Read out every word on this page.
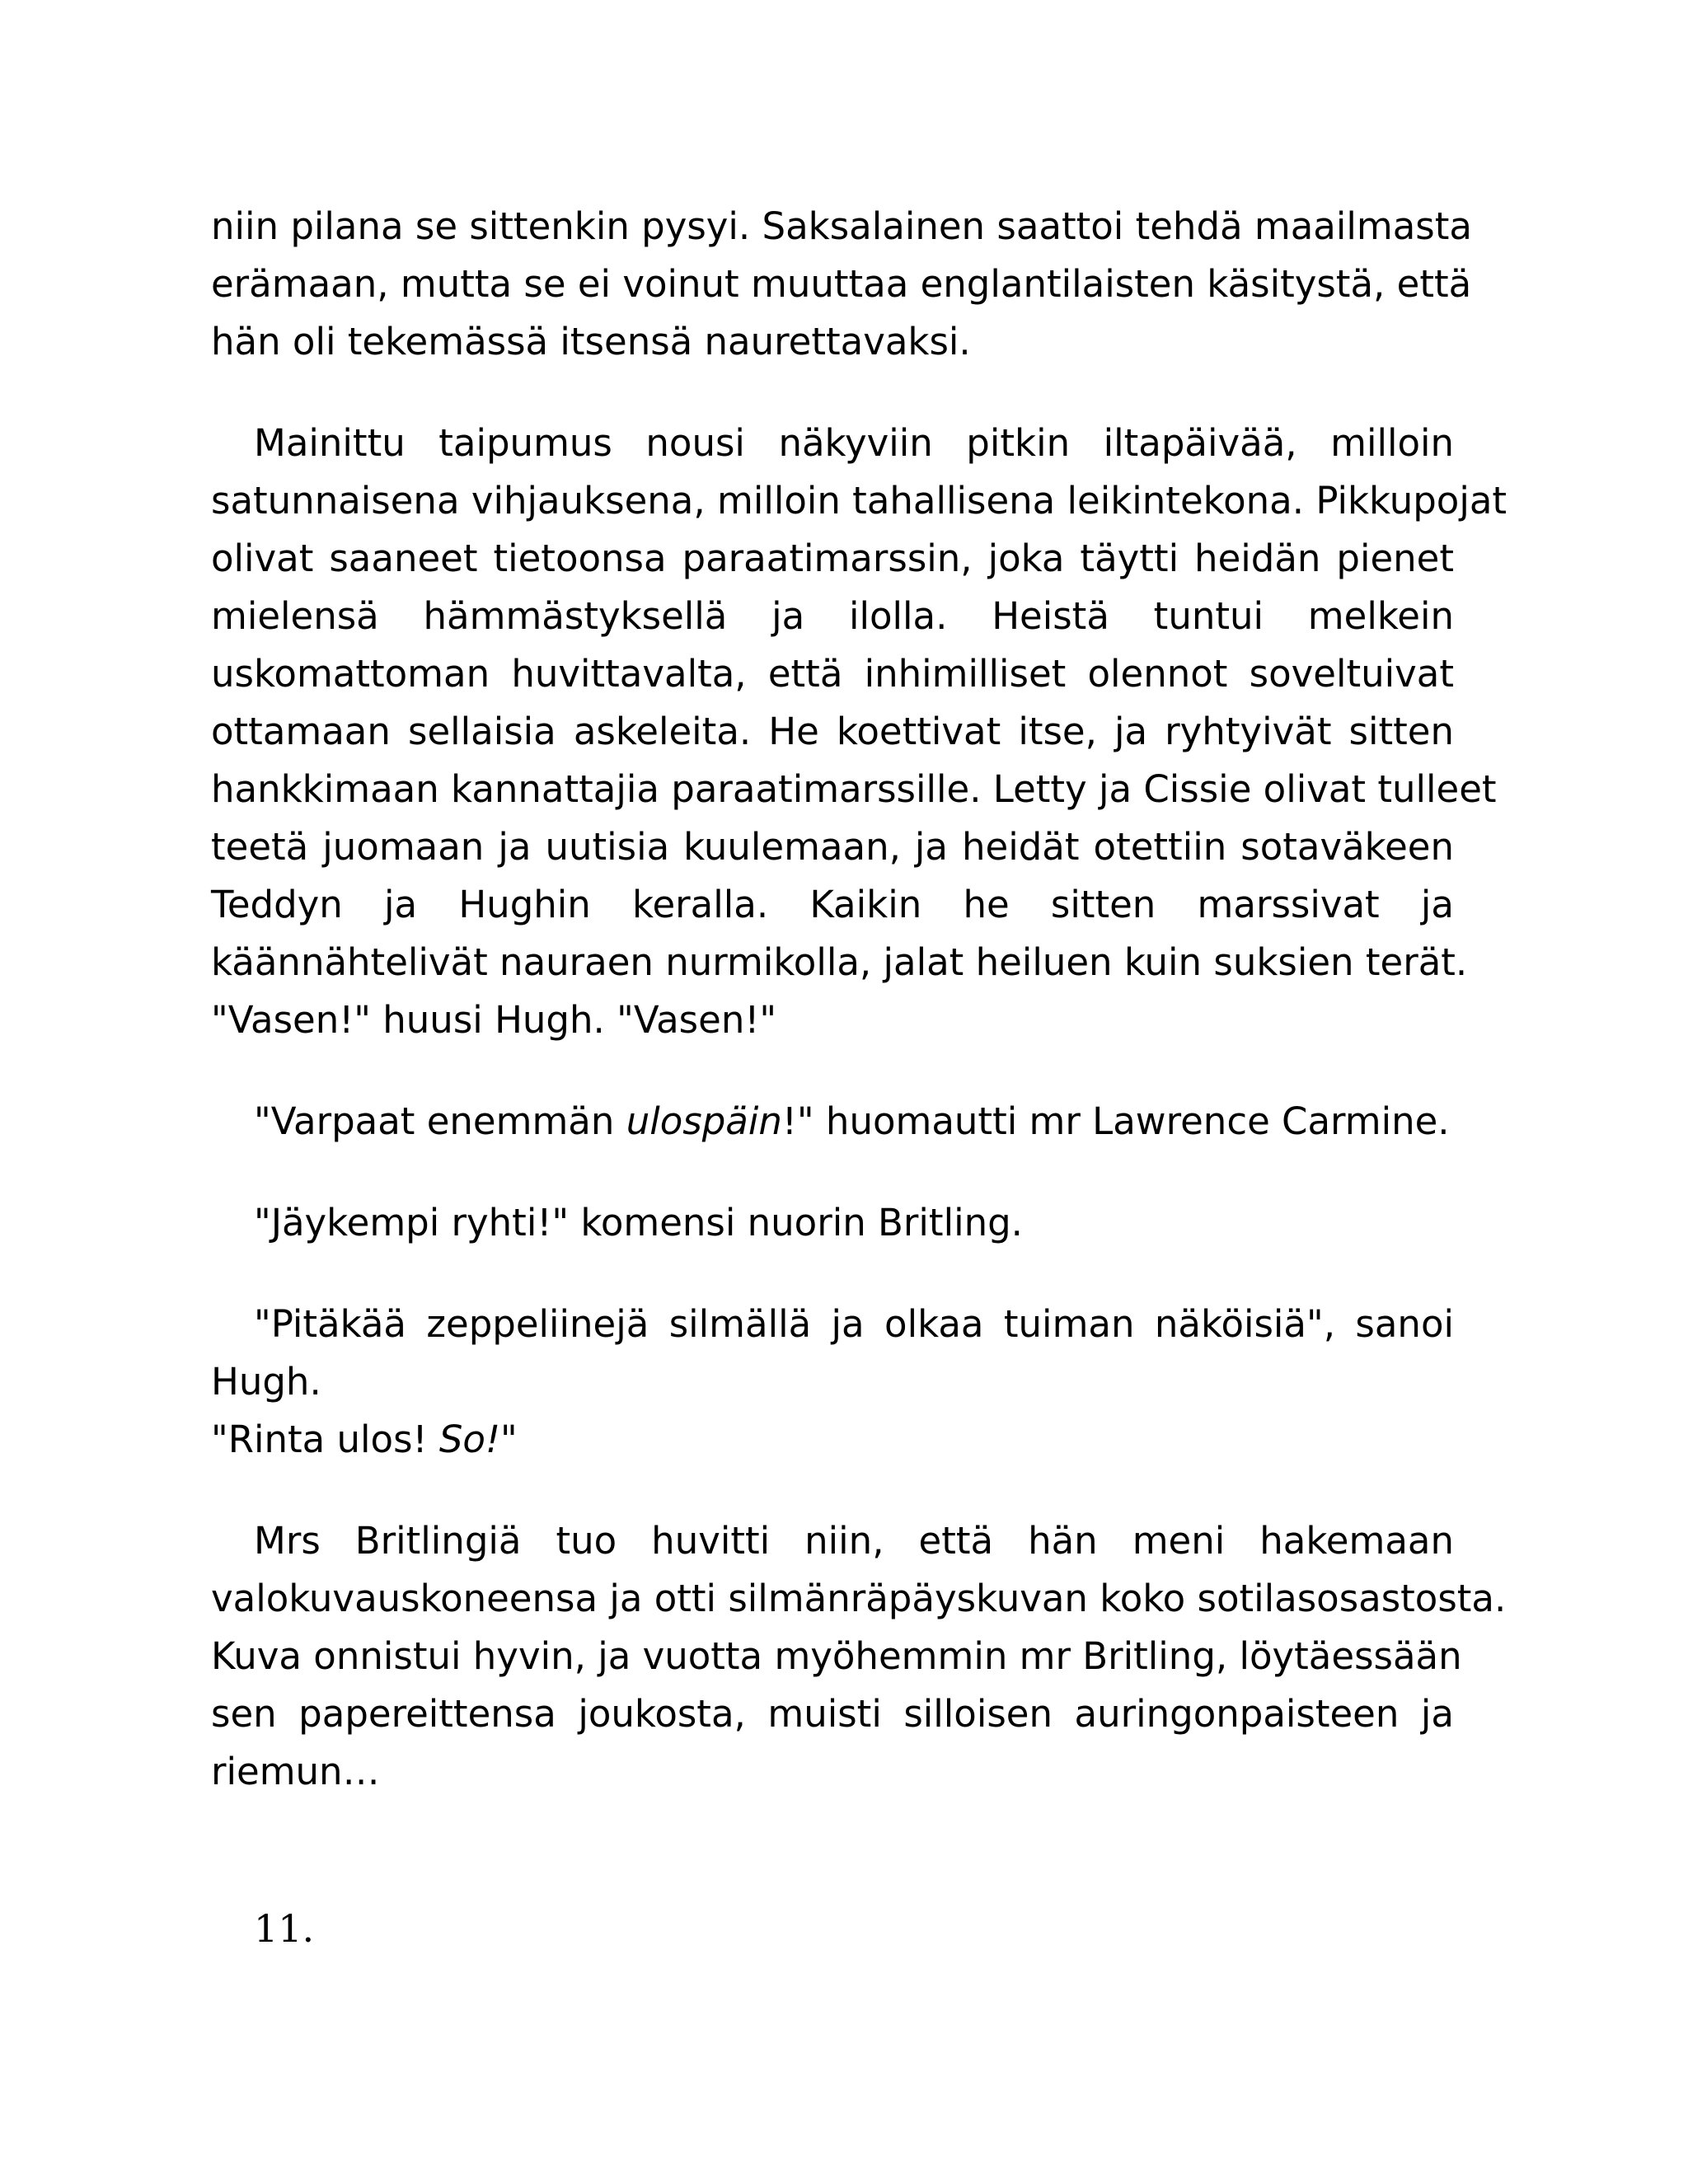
niin pilana se sittenkin pysyi. Saksalainen saattoi tehdä maailmasta
erämaan, mutta se ei voinut muuttaa englantilaisten käsitystä, että
hän oli tekemässä itsensä naurettavaksi.

Mainittu taipumus nousi näkyviin pitkin iltapäivää, milloin
satunnaisena vihjauksena, milloin tahallisena leikintekona. Pikkupojat
olivat saaneet tietoonsa paraatimarssin, joka täytti heidän pienet
mielensä hämmästyksellä ja ilolla. Heistä tuntui melkein
uskomattoman huvittavalta, että inhimilliset olennot soveltuivat
ottamaan sellaisia askeleita. He koettivat itse, ja ryhtyivät sitten
hankkimaan kannattajia paraatimarssille. Letty ja Cissie olivat tulleet
teetä juomaan ja uutisia kuulemaan, ja heidät otettiin sotaväkeen
Teddyn ja Hughin keralla. Kaikin he sitten marssivat ja
käännähtelivät nauraen nurmikolla, jalat heiluen kuin suksien terät.
"Vasen!" huusi Hugh. "Vasen!"

"Varpaat enemmän ulospäin!" huomautti mr Lawrence Carmine.

"Jäykempi ryhti!" komensi nuorin Britling.

"Pitäkää zeppeliinejä silmällä ja olkaa tuiman näköisiä", sanoi
Hugh.
"Rinta ulos! So!"

Mrs Britlingiä tuo huvitti niin, että hän meni hakemaan
valokuvauskoneensa ja otti silmänräpäyskuvan koko sotilasosastosta.
Kuva onnistui hyvin, ja vuotta myöhemmin mr Britling, löytäessään
sen papereittensa joukosta, muisti silloisen auringonpaisteen ja
riemun…

11.
